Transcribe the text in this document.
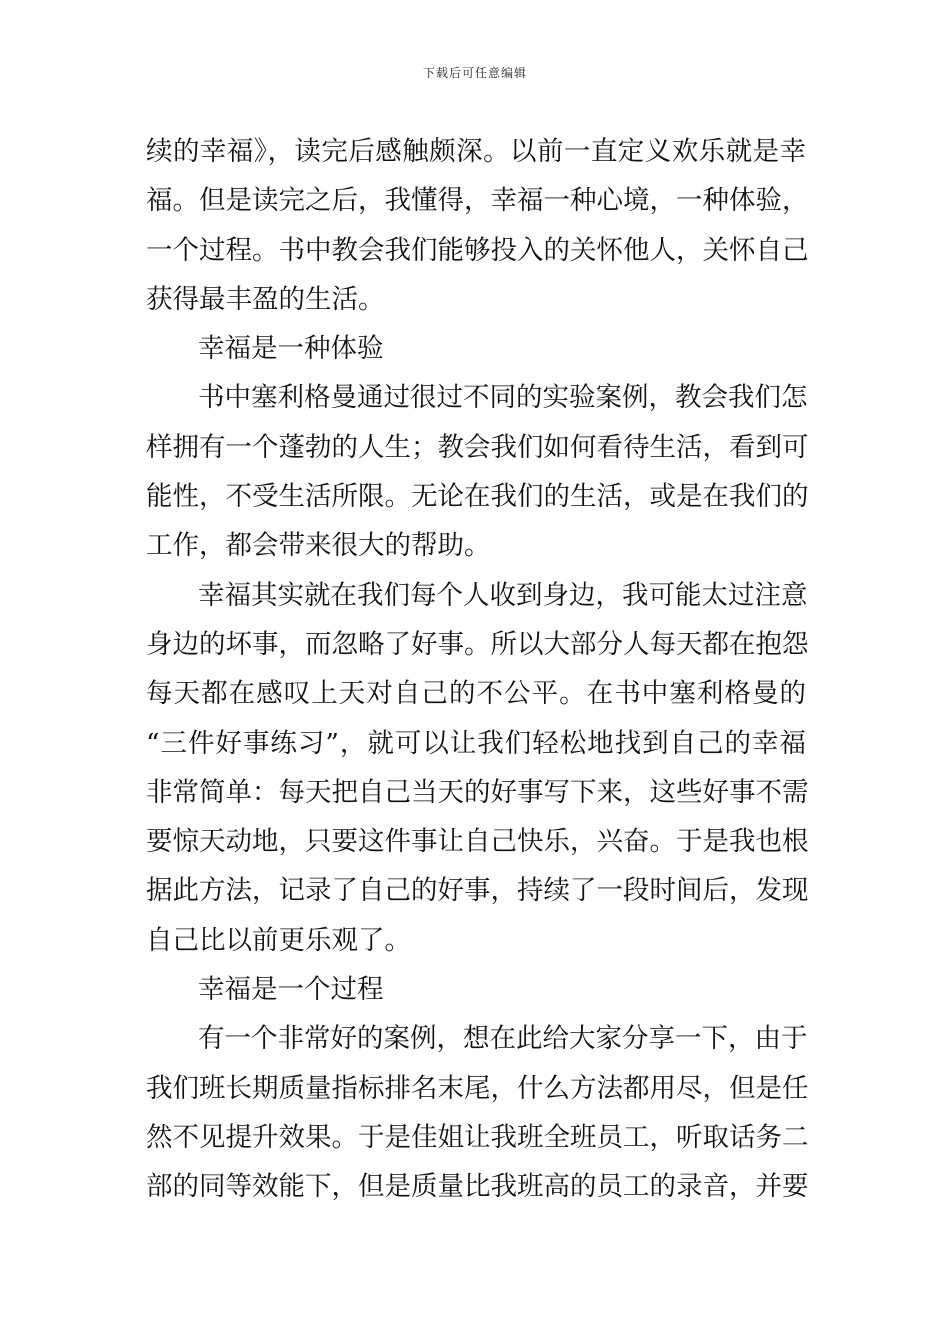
下载后可任意编辑
续的幸福》，读完后感触颇深。以前一直定义欢乐就是幸
福。但是读完之后，我懂得，幸福一种心境，一种体验，
一个过程。书中教会我们能够投入的关怀他人，关怀自己
获得最丰盈的生活。
幸福是一种体验
书中塞利格曼通过很过不同的实验案例，教会我们怎
样拥有一个蓬勃的人生；教会我们如何看待生活，看到可
能性，不受生活所限。无论在我们的生活，或是在我们的
工作，都会带来很大的帮助。
幸福其实就在我们每个人收到身边，我可能太过注意
身边的坏事，而忽略了好事。所以大部分人每天都在抱怨
每天都在感叹上天对自己的不公平。在书中塞利格曼的
“三件好事练习”，就可以让我们轻松地找到自己的幸福
非常简单：每天把自己当天的好事写下来，这些好事不需
要惊天动地，只要这件事让自己快乐，兴奋。于是我也根
据此方法，记录了自己的好事，持续了一段时间后，发现
自己比以前更乐观了。
幸福是一个过程
有一个非常好的案例，想在此给大家分享一下，由于
我们班长期质量指标排名末尾，什么方法都用尽，但是任
然不见提升效果。于是佳姐让我班全班员工，听取话务二
部的同等效能下，但是质量比我班高的员工的录音，并要
